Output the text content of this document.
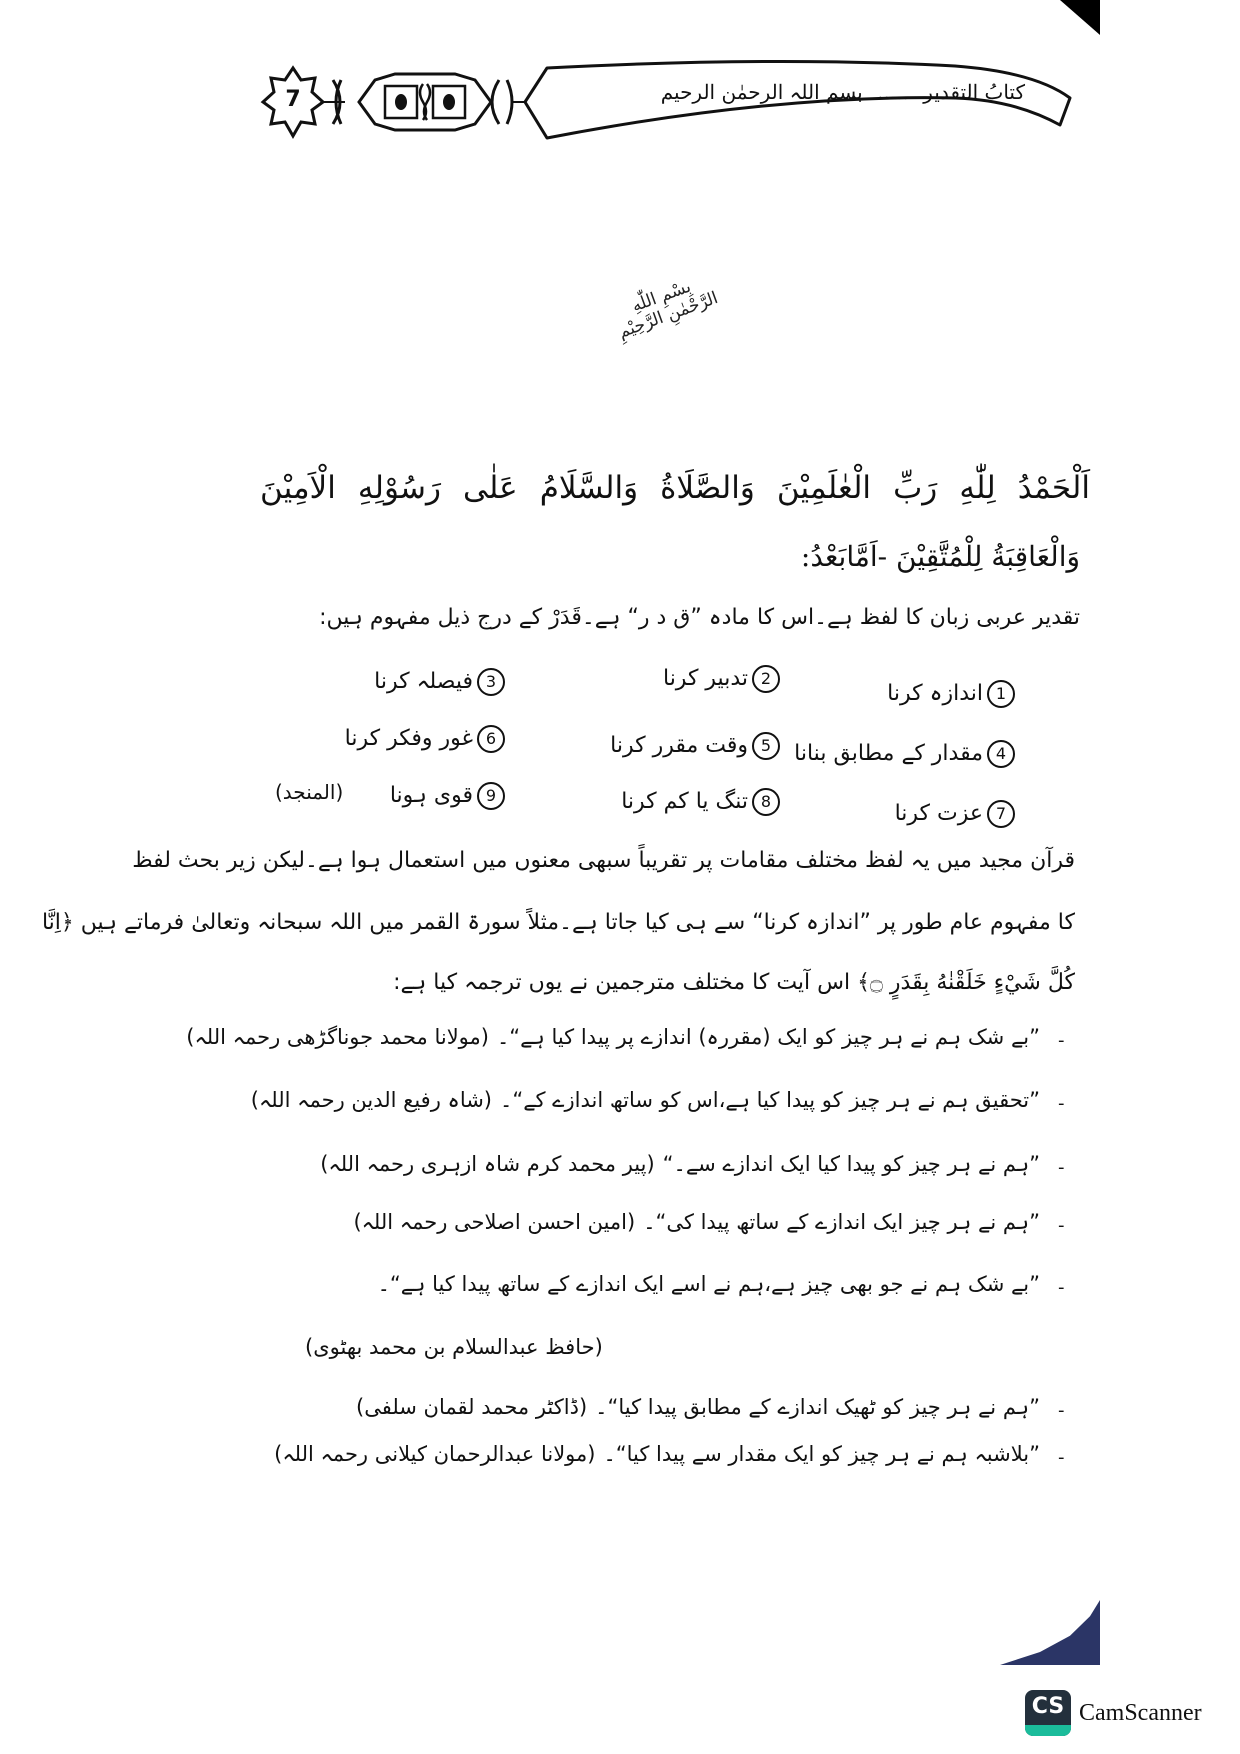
7	کتابُ التقدیر ..... بسم اللہ الرحمٰن الرحیم
بِسْمِ اللّٰهِ الرَّحْمٰنِ الرَّحِيْمِ
اَلْحَمْدُ لِلّٰهِ رَبِّ الْعٰلَمِيْنَ وَالصَّلَاةُ وَالسَّلَامُ عَلٰى رَسُوْلِهِ الْاَمِيْنَ
وَالْعَاقِبَةُ لِلْمُتَّقِيْنَ -اَمَّابَعْدُ:
تقدیر عربی زبان کا لفظ ہے۔اس کا مادہ ”ق د ر“ ہے۔قَدَرْ کے درج ذیل مفہوم ہیں:
1اندازہ کرنا
2تدبیر کرنا
3فیصلہ کرنا
4مقدار کے مطابق بنانا
5وقت مقرر کرنا
6غور وفکر کرنا
7عزت کرنا
8تنگ یا کم کرنا
9قوی ہونا
(المنجد)
قرآن مجید میں یہ لفظ مختلف مقامات پر تقریباً سبھی معنوں میں استعمال ہوا ہے۔لیکن زیر بحث لفظ
کا مفہوم عام طور پر ”اندازہ کرنا“ سے ہی کیا جاتا ہے۔مثلاً سورۃ القمر میں اللہ سبحانہ وتعالیٰ فرماتے ہیں ﴿اِنَّا
كُلَّ شَيْءٍ خَلَقْنٰهُ بِقَدَرٍ ۝﴾ اس آیت کا مختلف مترجمین نے یوں ترجمہ کیا ہے:
-
”بے شک ہم نے ہر چیز کو ایک (مقررہ) اندازے پر پیدا کیا ہے“۔(مولانا محمد جوناگڑھی رحمہ اللہ)
-
”تحقیق ہم نے ہر چیز کو پیدا کیا ہے،اس کو ساتھ اندازے کے“۔(شاہ رفیع الدین رحمہ اللہ)
-
”ہم نے ہر چیز کو پیدا کیا ایک اندازے سے۔“(پیر محمد کرم شاہ ازہری رحمہ اللہ)
-
”ہم نے ہر چیز ایک اندازے کے ساتھ پیدا کی“۔(امین احسن اصلاحی رحمہ اللہ)
-
”بے شک ہم نے جو بھی چیز ہے،ہم نے اسے ایک اندازے کے ساتھ پیدا کیا ہے“۔
(حافظ عبدالسلام بن محمد بھٹوی)
-
”ہم نے ہر چیز کو ٹھیک اندازے کے مطابق پیدا کیا“۔(ڈاکٹر محمد لقمان سلفی)
-
”بلاشبہ ہم نے ہر چیز کو ایک مقدار سے پیدا کیا“۔(مولانا عبدالرحمان کیلانی رحمہ اللہ)
CS CamScanner
